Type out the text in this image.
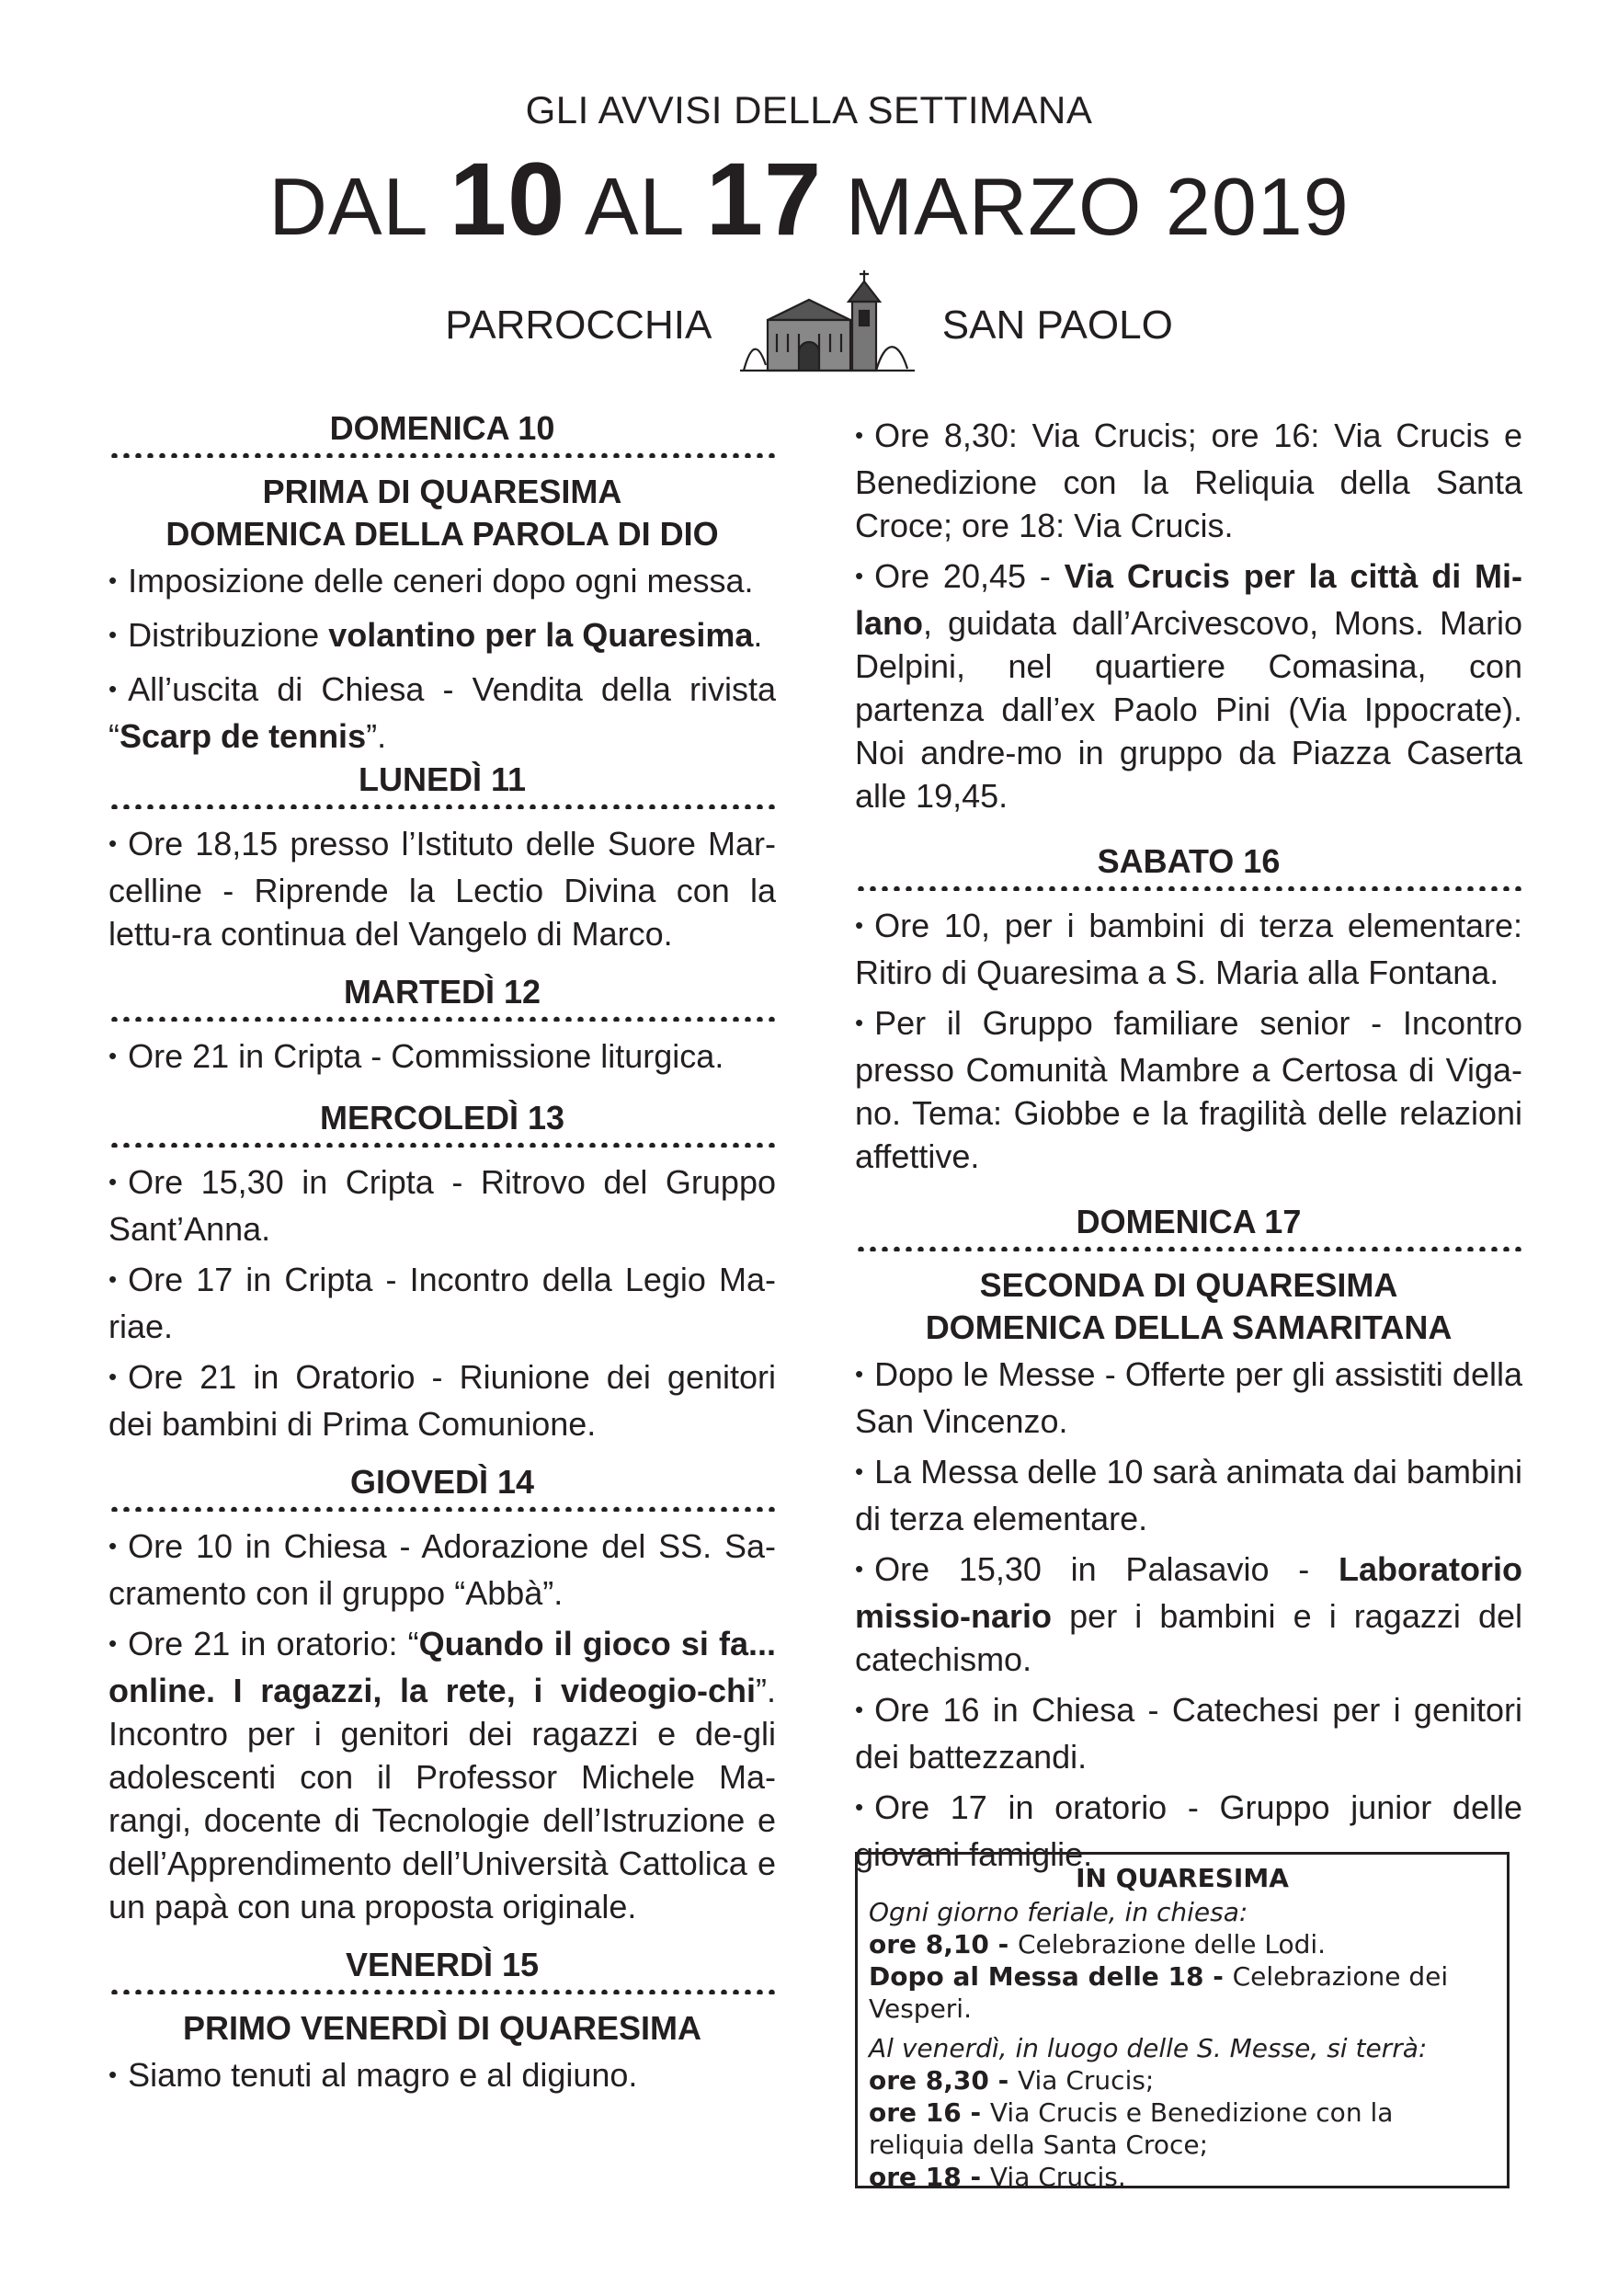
GLI AVVISI DELLA SETTIMANA
DAL 10 AL 17 MARZO 2019
PARROCCHIA	SAN PAOLO
DOMENICA 10
PRIMA DI QUARESIMA
DOMENICA DELLA PAROLA DI DIO
•Imposizione delle ceneri dopo ogni messa.
•Distribuzione volantino per la Quaresima.
•All’uscita di Chiesa - Vendita della rivista “Scarp de tennis”.
LUNEDÌ 11
•Ore 18,15 presso l’Istituto delle Suore Mar-celline - Riprende la Lectio Divina con la lettu-ra continua del Vangelo di Marco.
MARTEDÌ 12
•Ore 21 in Cripta - Commissione liturgica.
MERCOLEDÌ 13
•Ore 15,30 in Cripta - Ritrovo del Gruppo Sant’Anna.
•Ore 17 in Cripta - Incontro della Legio Ma-riae.
•Ore 21 in Oratorio - Riunione dei genitori dei bambini di Prima Comunione.
GIOVEDÌ 14
•Ore 10 in Chiesa - Adorazione del SS. Sa-cramento con il gruppo “Abbà”.
•Ore 21 in oratorio: “Quando il gioco si fa... online. I ragazzi, la rete, i videogio-chi”. Incontro per i genitori dei ragazzi e de-gli adolescenti con il Professor Michele Ma-rangi, docente di Tecnologie dell’Istruzione e dell’Apprendimento dell’Università Cattolica e un papà con una proposta originale.
VENERDÌ 15
PRIMO VENERDÌ DI QUARESIMA
•Siamo tenuti al magro e al digiuno.
•Ore 8,30: Via Crucis; ore 16: Via Crucis e Benedizione con la Reliquia della Santa Croce; ore 18: Via Crucis.
•Ore 20,45 - Via Crucis per la città di Mi-lano, guidata dall’Arcivescovo, Mons. Mario Delpini, nel quartiere Comasina, con partenza dall’ex Paolo Pini (Via Ippocrate). Noi andre-mo in gruppo da Piazza Caserta alle 19,45.
SABATO 16
•Ore 10, per i bambini di terza elementare: Ritiro di Quaresima a S. Maria alla Fontana.
•Per il Gruppo familiare senior - Incontro presso Comunità Mambre a Certosa di Viga-no. Tema: Giobbe e la fragilità delle relazioni affettive.
DOMENICA 17
SECONDA DI QUARESIMA
DOMENICA DELLA SAMARITANA
•Dopo le Messe - Offerte per gli assistiti della San Vincenzo.
•La Messa delle 10 sarà animata dai bambini di terza elementare.
•Ore 15,30 in Palasavio - Laboratorio missio-nario per i bambini e i ragazzi del catechismo.
•Ore 16 in Chiesa - Catechesi per i genitori dei battezzandi.
•Ore 17 in oratorio - Gruppo junior delle giovani famiglie.
IN QUARESIMA
Ogni giorno feriale, in chiesa:
ore 8,10 - Celebrazione delle Lodi.
Dopo al Messa delle 18 - Celebrazione dei Vesperi.
Al venerdì, in luogo delle S. Messe, si terrà:
ore 8,30 - Via Crucis;
ore 16 - Via Crucis e Benedizione con la reliquia della Santa Croce;
ore 18 - Via Crucis.
